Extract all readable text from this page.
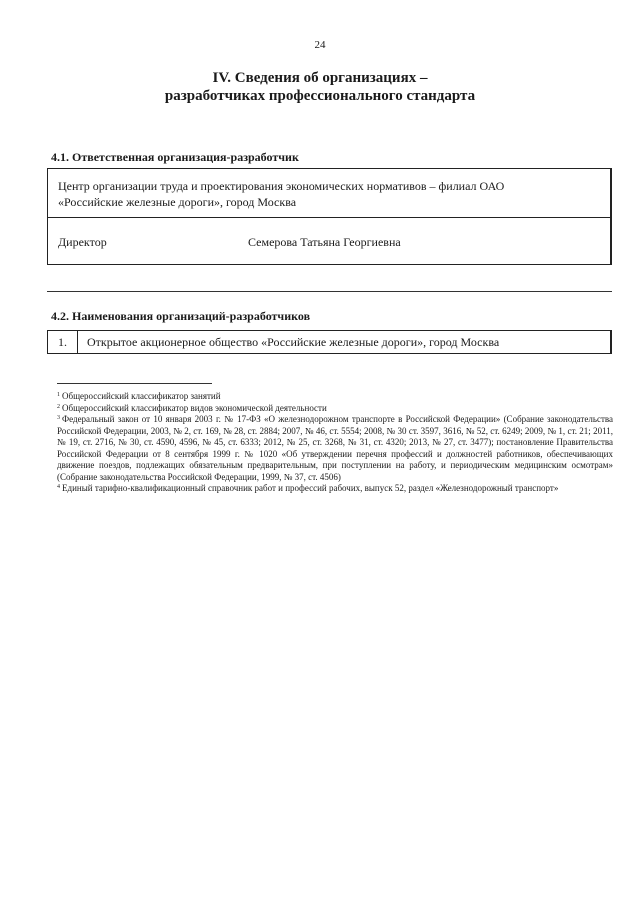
24
IV. Сведения об организациях –
разработчиках профессионального стандарта
4.1. Ответственная организация-разработчик
Центр организации труда и проектирования экономических нормативов – филиал ОАО
«Российские железные дороги», город Москва
Директор	Семерова Татьяна Георгиевна
4.2. Наименования организаций-разработчиков
1.	Открытое акционерное общество «Российские железные дороги», город Москва

$^1$ Общероссийский классификатор занятий

$^2$ Общероссийский классификатор видов экономической деятельности

$^3$ Федеральный закон от 10 января 2003 г. № 17-ФЗ «О железнодорожном транспорте в Российской Федерации» (Собрание законодательства Российской Федерации, 2003, № 2, ст. 169, № 28, ст. 2884; 2007, № 46, ст. 5554; 2008, № 30 ст. 3597, 3616, № 52, ст. 6249; 2009, № 1, ст. 21; 2011, № 19, ст. 2716, № 30, ст. 4590, 4596, № 45, ст. 6333; 2012, № 25, ст. 3268, № 31, ст. 4320; 2013, № 27, ст. 3477); постановление Правительства Российской Федерации от 8 сентября 1999 г. № 1020 «Об утверждении перечня профессий и должностей работников, обеспечивающих движение поездов, подлежащих обязательным предварительным, при поступлении на работу, и периодическим медицинским осмотрам» (Собрание законодательства Российской Федерации, 1999, № 37, ст. 4506)

$^4$ Единый тарифно-квалификационный справочник работ и профессий рабочих, выпуск 52, раздел «Железнодорожный транспорт»
